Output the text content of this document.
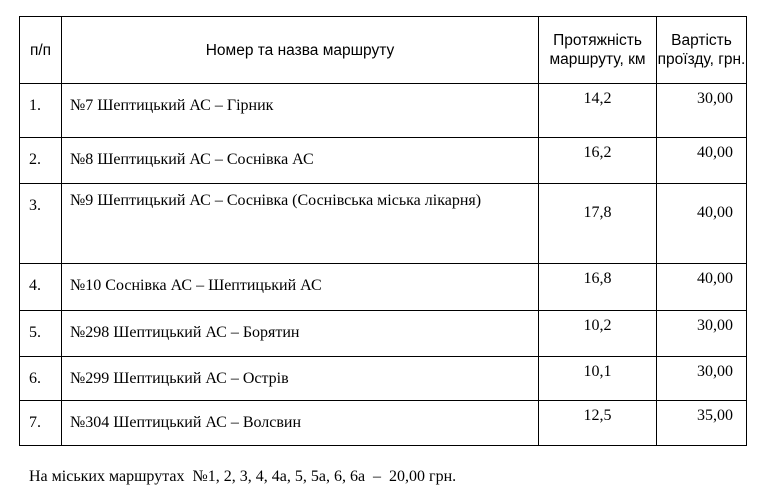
п/п	Номер та назва маршруту	Протяжність маршруту, км	Вартість проїзду, грн.
1.	№7 Шептицький АС – Гірник	14,2	30,00
2.	№8 Шептицький АС – Соснівка АС	16,2	40,00
3.	№9 Шептицький АС – Соснівка (Соснівська міська лікарня)	17,8	40,00
4.	№10 Соснівка АС – Шептицький АС	16,8	40,00
5.	№298 Шептицький АС – Борятин	10,2	30,00
6.	№299 Шептицький АС – Острів	10,1	30,00
7.	№304 Шептицький АС – Волсвин	12,5	35,00
На міських маршрутах  №1, 2, 3, 4, 4а, 5, 5а, 6, 6а  –  20,00 грн.
